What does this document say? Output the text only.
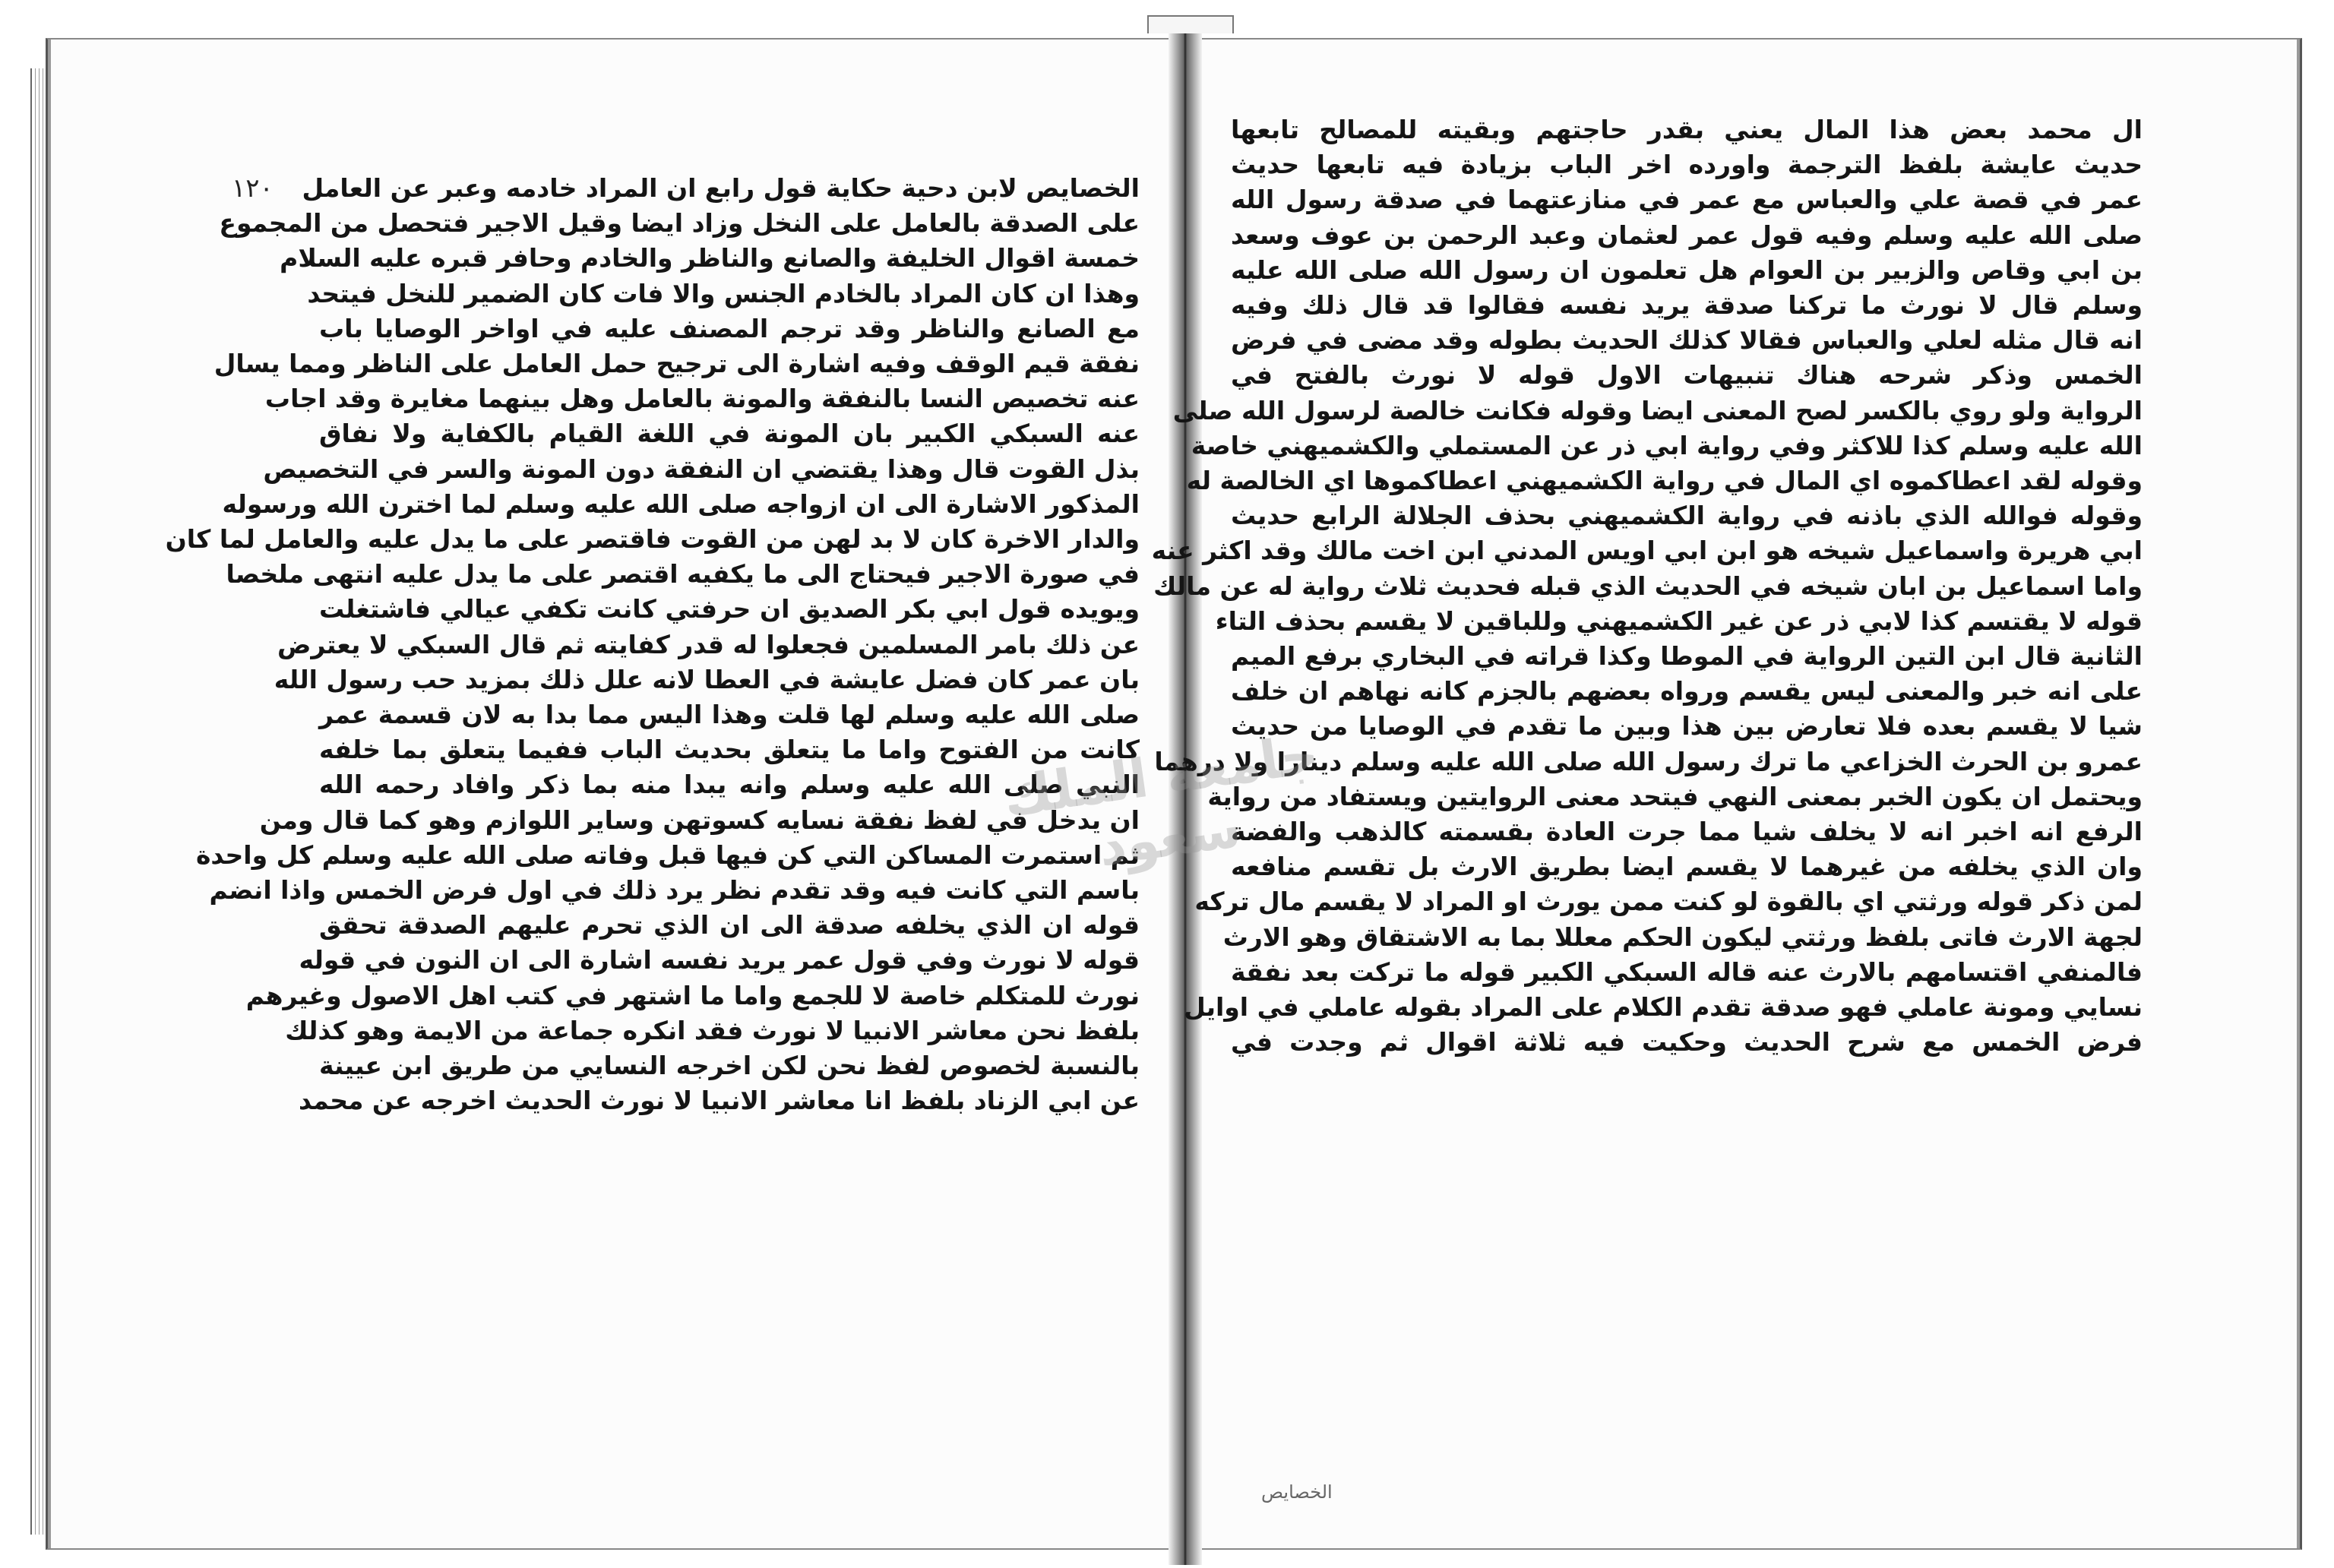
١٢٠ الخصايص لابن دحية حكاية قول رابع ان المراد خادمه وعبر عن العامل
على الصدقة بالعامل على النخل وزاد ايضا وقيل الاجير فتحصل من المجموع
خمسة اقوال الخليفة والصانع والناظر والخادم وحافر قبره عليه السلام
وهذا ان كان المراد بالخادم الجنس والا فات كان الضمير للنخل فيتحد
مع الصانع والناظر وقد ترجم المصنف عليه في اواخر الوصايا باب
نفقة قيم الوقف وفيه اشارة الى ترجيح حمل العامل على الناظر ومما يسال
عنه تخصيص النسا بالنفقة والمونة بالعامل وهل بينهما مغايرة وقد اجاب
عنه السبكي الكبير بان المونة في اللغة القيام بالكفاية ولا نفاق
بذل القوت قال وهذا يقتضي ان النفقة دون المونة والسر في التخصيص
المذكور الاشارة الى ان ازواجه صلى الله عليه وسلم لما اخترن الله ورسوله
والدار الاخرة كان لا بد لهن من القوت فاقتصر على ما يدل عليه والعامل لما كان
في صورة الاجير فيحتاج الى ما يكفيه اقتصر على ما يدل عليه انتهى ملخصا
ويويده قول ابي بكر الصديق ان حرفتي كانت تكفي عيالي فاشتغلت
عن ذلك بامر المسلمين فجعلوا له قدر كفايته ثم قال السبكي لا يعترض
بان عمر كان فضل عايشة في العطا لانه علل ذلك بمزيد حب رسول الله
صلى الله عليه وسلم لها قلت وهذا اليس مما بدا به لان قسمة عمر
كانت من الفتوح واما ما يتعلق بحديث الباب ففيما يتعلق بما خلفه
النبي صلى الله عليه وسلم وانه يبدا منه بما ذكر وافاد رحمه الله
ان يدخل في لفظ نفقة نسايه كسوتهن وساير اللوازم وهو كما قال ومن
ثم استمرت المساكن التي كن فيها قبل وفاته صلى الله عليه وسلم كل واحدة
باسم التي كانت فيه وقد تقدم نظر يرد ذلك في اول فرض الخمس واذا انضم
قوله ان الذي يخلفه صدقة الى ان الذي تحرم عليهم الصدقة تحقق
قوله لا نورث وفي قول عمر يريد نفسه اشارة الى ان النون في قوله
نورث للمتكلم خاصة لا للجمع واما ما اشتهر في كتب اهل الاصول وغيرهم
بلفظ نحن معاشر الانبيا لا نورث فقد انكره جماعة من الايمة وهو كذلك
بالنسبة لخصوص لفظ نحن لكن اخرجه النسايي من طريق ابن عيينة
عن ابي الزناد بلفظ انا معاشر الانبيا لا نورث الحديث اخرجه عن محمد
ال محمد بعض هذا المال يعني بقدر حاجتهم وبقيته للمصالح تابعها
حديث عايشة بلفظ الترجمة واورده اخر الباب بزيادة فيه تابعها حديث
عمر في قصة علي والعباس مع عمر في منازعتهما في صدقة رسول الله
صلى الله عليه وسلم وفيه قول عمر لعثمان وعبد الرحمن بن عوف وسعد
بن ابي وقاص والزبير بن العوام هل تعلمون ان رسول الله صلى الله عليه
وسلم قال لا نورث ما تركنا صدقة يريد نفسه فقالوا قد قال ذلك وفيه
انه قال مثله لعلي والعباس فقالا كذلك الحديث بطوله وقد مضى في فرض
الخمس وذكر شرحه هناك تنبيهات الاول قوله لا نورث بالفتح في
الرواية ولو روي بالكسر لصح المعنى ايضا وقوله فكانت خالصة لرسول الله صلى
الله عليه وسلم كذا للاكثر وفي رواية ابي ذر عن المستملي والكشميهني خاصة
وقوله لقد اعطاكموه اي المال في رواية الكشميهني اعطاكموها اي الخالصة له
وقوله فوالله الذي باذنه في رواية الكشميهني بحذف الجلالة الرابع حديث
ابي هريرة واسماعيل شيخه هو ابن ابي اويس المدني ابن اخت مالك وقد اكثر عنه
واما اسماعيل بن ابان شيخه في الحديث الذي قبله فحديث ثلاث رواية له عن مالك
قوله لا يقتسم كذا لابي ذر عن غير الكشميهني وللباقين لا يقسم بحذف التاء
الثانية قال ابن التين الرواية في الموطا وكذا قراته في البخاري برفع الميم
على انه خبر والمعنى ليس يقسم ورواه بعضهم بالجزم كانه نهاهم ان خلف
شيا لا يقسم بعده فلا تعارض بين هذا وبين ما تقدم في الوصايا من حديث
عمرو بن الحرث الخزاعي ما ترك رسول الله صلى الله عليه وسلم دينارا ولا درهما
ويحتمل ان يكون الخبر بمعنى النهي فيتحد معنى الروايتين ويستفاد من رواية
الرفع انه اخبر انه لا يخلف شيا مما جرت العادة بقسمته كالذهب والفضة
وان الذي يخلفه من غيرهما لا يقسم ايضا بطريق الارث بل تقسم منافعه
لمن ذكر قوله ورثتي اي بالقوة لو كنت ممن يورث او المراد لا يقسم مال تركه
لجهة الارث فاتى بلفظ ورثتي ليكون الحكم معللا بما به الاشتقاق وهو الارث
فالمنفي اقتسامهم بالارث عنه قاله السبكي الكبير قوله ما تركت بعد نفقة
نسايي ومونة عاملي فهو صدقة تقدم الكلام على المراد بقوله عاملي في اوايل
فرض الخمس مع شرح الحديث وحكيت فيه ثلاثة اقوال ثم وجدت في
الخصايص
جامعة الملك سعود
